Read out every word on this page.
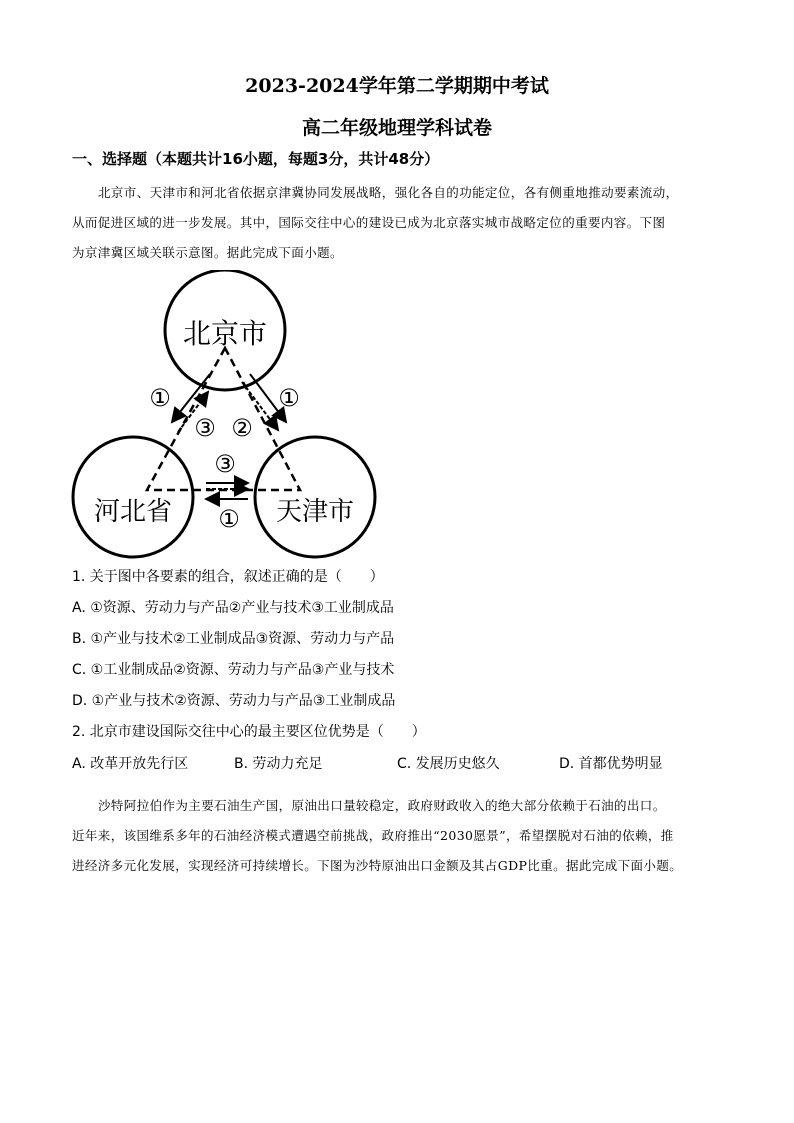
2023-2024学年第二学期期中考试
高二年级地理学科试卷
一、选择题（本题共计16小题，每题3分，共计48分）
北京市、天津市和河北省依据京津冀协同发展战略，强化各自的功能定位，各有侧重地推动要素流动，
从而促进区域的进一步发展。其中，国际交往中心的建设已成为北京落实城市战略定位的重要内容。下图
为京津冀区域关联示意图。据此完成下面小题。
北京市
河北省	天津市
①
③ ②
①
③
①
1. 关于图中各要素的组合，叙述正确的是（　　）
A. ①资源、劳动力与产品②产业与技术③工业制成品
B. ①产业与技术②工业制成品③资源、劳动力与产品
C. ①工业制成品②资源、劳动力与产品③产业与技术
D. ①产业与技术②资源、劳动力与产品③工业制成品
2. 北京市建设国际交往中心的最主要区位优势是（　　）
A. 改革开放先行区	B. 劳动力充足	C. 发展历史悠久	D. 首都优势明显
沙特阿拉伯作为主要石油生产国，原油出口量较稳定，政府财政收入的绝大部分依赖于石油的出口。
近年来，该国维系多年的石油经济模式遭遇空前挑战，政府推出“2030愿景”，希望摆脱对石油的依赖，推
进经济多元化发展，实现经济可持续增长。下图为沙特原油出口金额及其占GDP比重。据此完成下面小题。
